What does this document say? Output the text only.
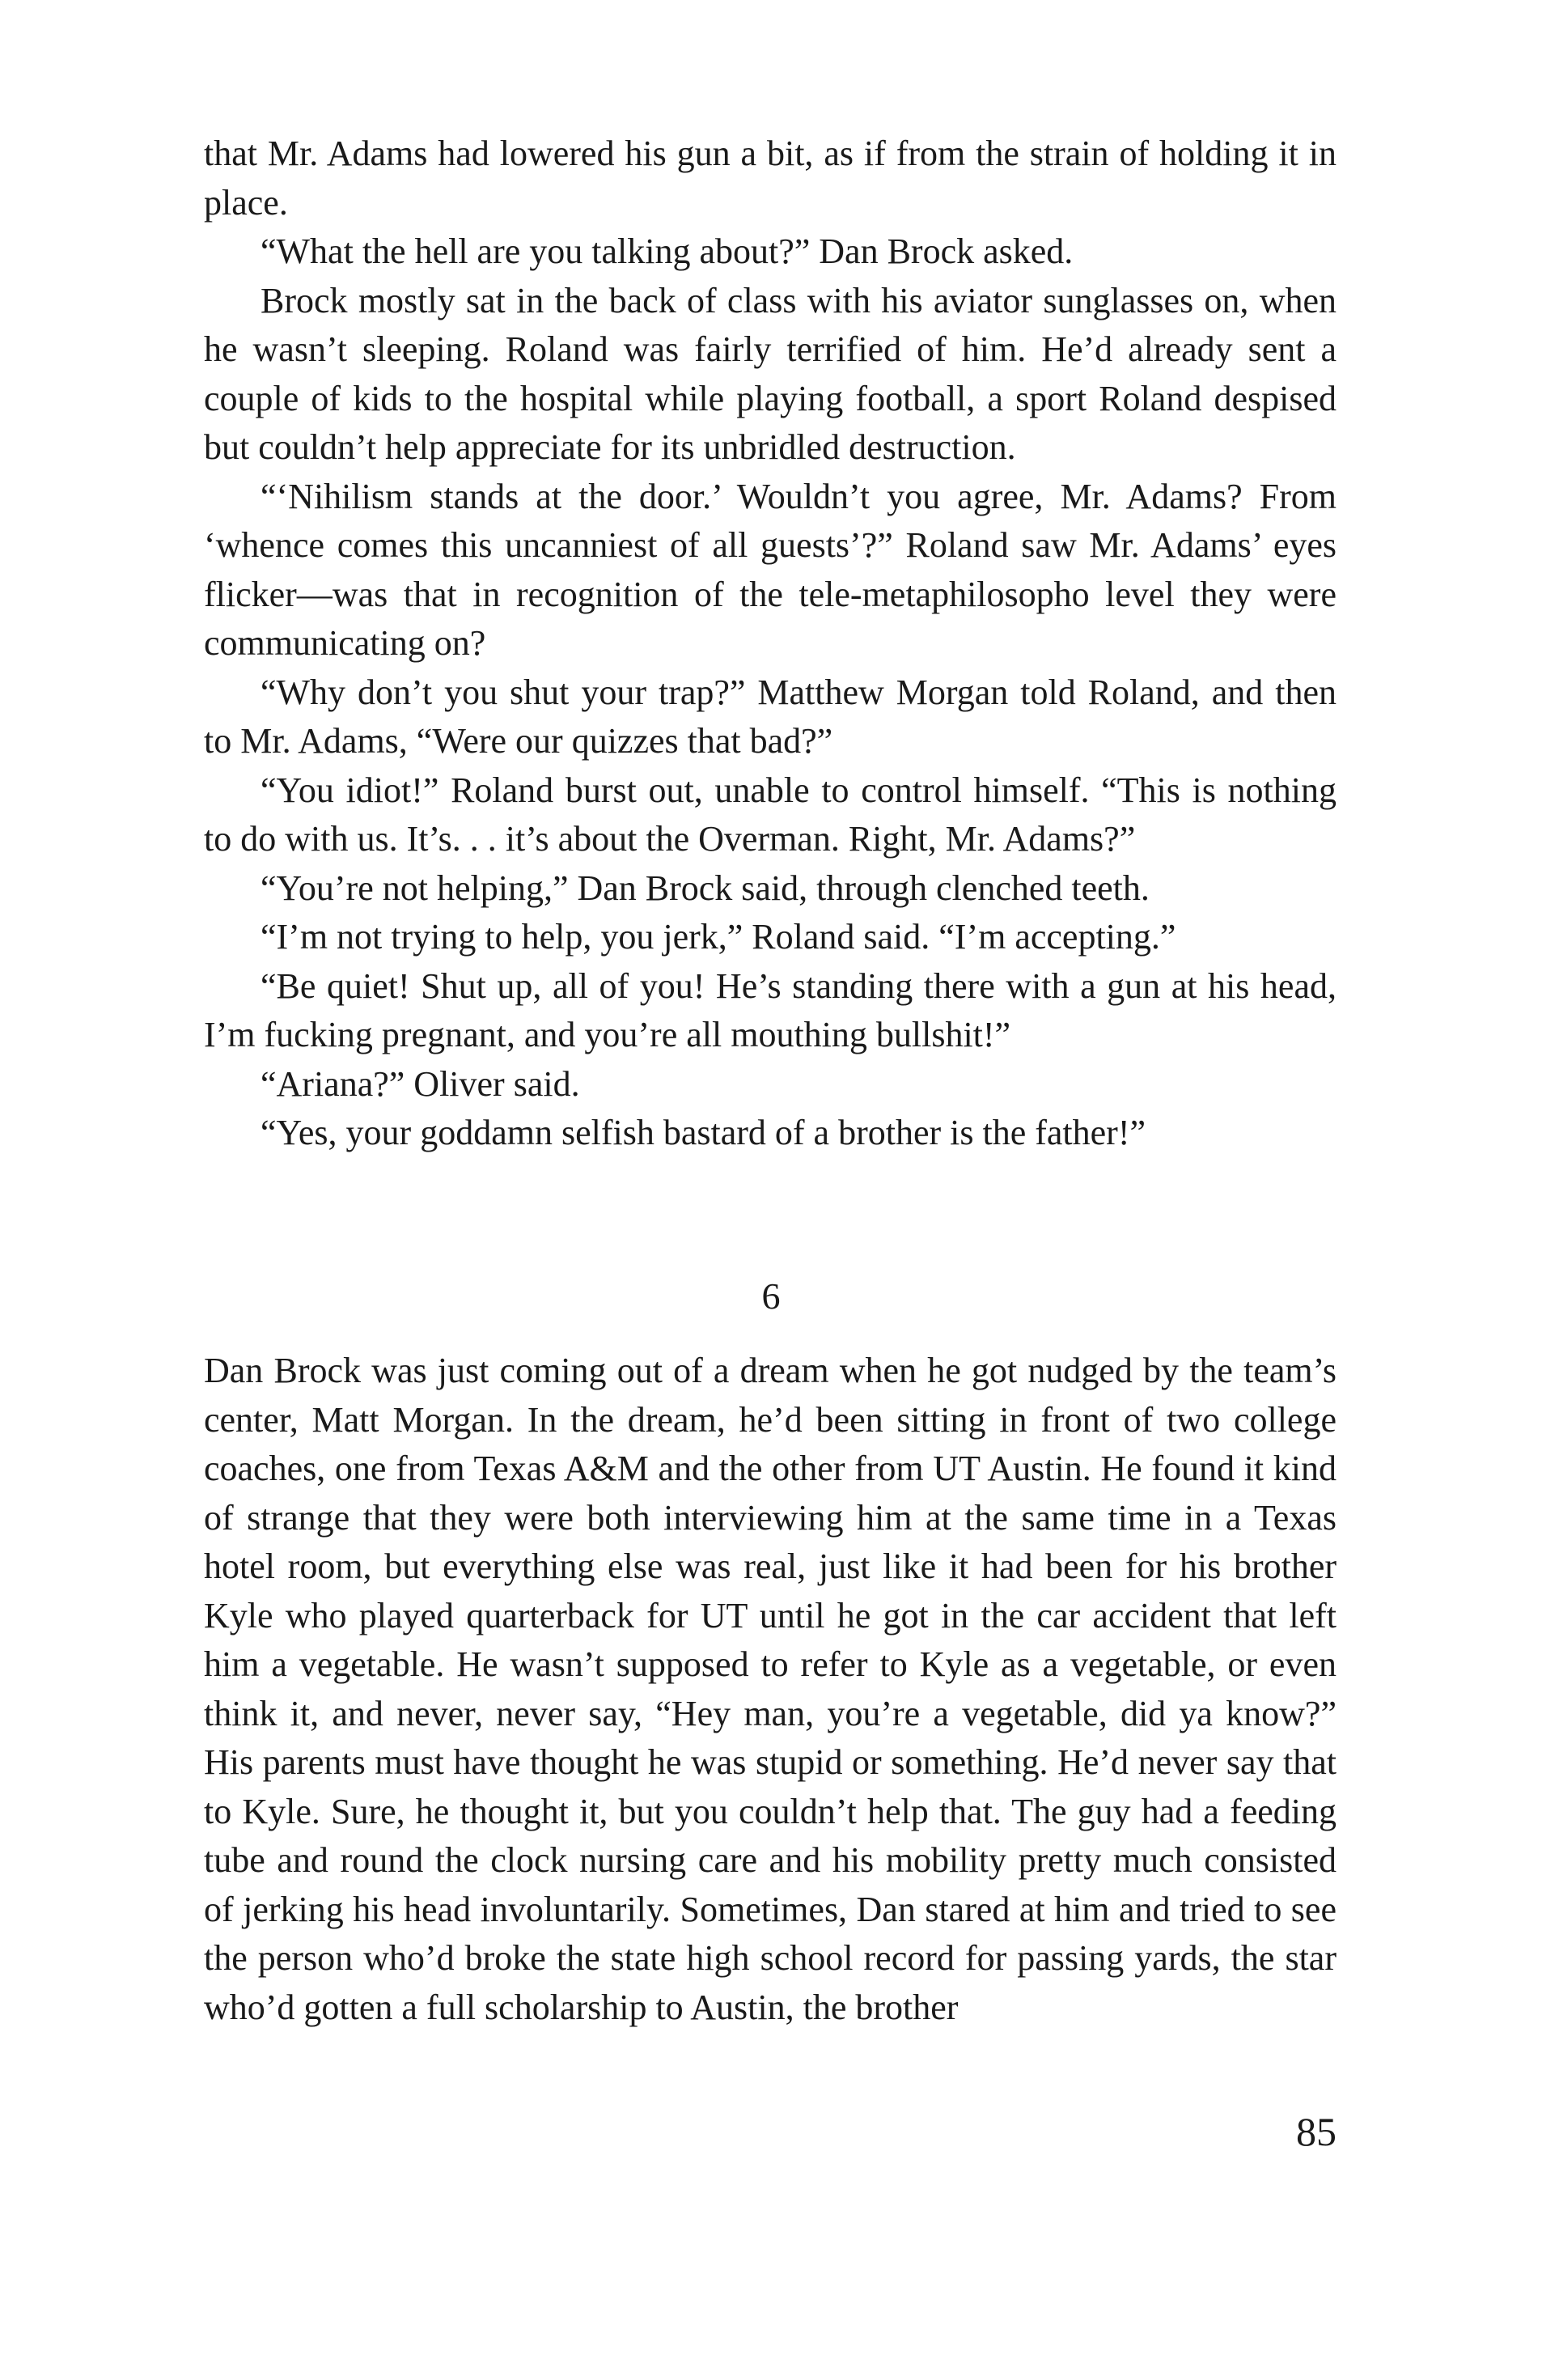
that Mr. Adams had lowered his gun a bit, as if from the strain of holding it in place.

“What the hell are you talking about?” Dan Brock asked.

Brock mostly sat in the back of class with his aviator sunglasses on, when he wasn’t sleeping. Roland was fairly terrified of him. He’d already sent a couple of kids to the hospital while playing football, a sport Roland despised but couldn’t help appreciate for its unbridled destruction.

“‘Nihilism stands at the door.’ Wouldn’t you agree, Mr. Adams? From ‘whence comes this uncanniest of all guests’?” Roland saw Mr. Adams’ eyes flicker—was that in recognition of the tele-metaphilosopho level they were communicating on?

“Why don’t you shut your trap?” Matthew Morgan told Roland, and then to Mr. Adams, “Were our quizzes that bad?”

“You idiot!” Roland burst out, unable to control himself. “This is nothing to do with us. It’s. . . it’s about the Overman. Right, Mr. Adams?”

“You’re not helping,” Dan Brock said, through clenched teeth.

“I’m not trying to help, you jerk,” Roland said. “I’m accepting.”

“Be quiet! Shut up, all of you! He’s standing there with a gun at his head, I’m fucking pregnant, and you’re all mouthing bullshit!”

“Ariana?” Oliver said.

“Yes, your goddamn selfish bastard of a brother is the father!”

6

Dan Brock was just coming out of a dream when he got nudged by the team’s center, Matt Morgan. In the dream, he’d been sitting in front of two college coaches, one from Texas A&M and the other from UT Austin. He found it kind of strange that they were both interviewing him at the same time in a Texas hotel room, but everything else was real, just like it had been for his brother Kyle who played quarterback for UT until he got in the car accident that left him a vegetable. He wasn’t supposed to refer to Kyle as a vegetable, or even think it, and never, never say, “Hey man, you’re a vegetable, did ya know?” His parents must have thought he was stupid or something. He’d never say that to Kyle. Sure, he thought it, but you couldn’t help that. The guy had a feeding tube and round the clock nursing care and his mobility pretty much consisted of jerking his head involuntarily. Sometimes, Dan stared at him and tried to see the person who’d broke the state high school record for passing yards, the star who’d gotten a full scholarship to Austin, the brother

85
